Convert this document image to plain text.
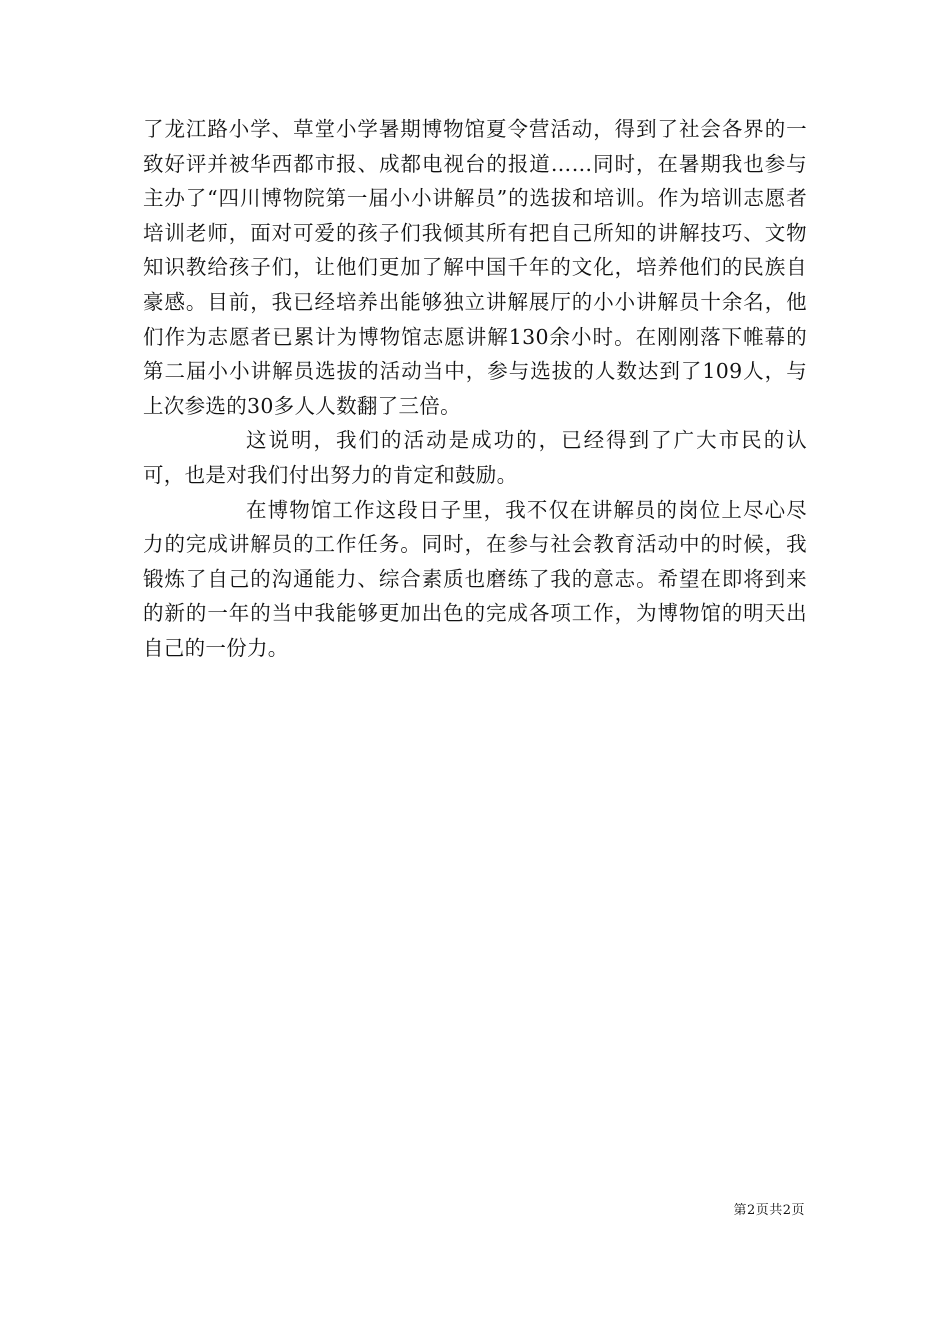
了龙江路小学、草堂小学暑期博物馆夏令营活动，得到了社会各界的一致好评并被华西都市报、成都电视台的报道……同时，在暑期我也参与主办了“四川博物院第一届小小讲解员”的选拔和培训。作为培训志愿者培训老师，面对可爱的孩子们我倾其所有把自己所知的讲解技巧、文物知识教给孩子们，让他们更加了解中国千年的文化，培养他们的民族自豪感。目前，我已经培养出能够独立讲解展厅的小小讲解员十余名，他们作为志愿者已累计为博物馆志愿讲解130余小时。在刚刚落下帷幕的第二届小小讲解员选拔的活动当中，参与选拔的人数达到了109人，与上次参选的30多人人数翻了三倍。

这说明，我们的活动是成功的，已经得到了广大市民的认可，也是对我们付出努力的肯定和鼓励。

在博物馆工作这段日子里，我不仅在讲解员的岗位上尽心尽力的完成讲解员的工作任务。同时，在参与社会教育活动中的时候，我锻炼了自己的沟通能力、综合素质也磨练了我的意志。希望在即将到来的新的一年的当中我能够更加出色的完成各项工作，为博物馆的明天出自己的一份力。

第2页共2页
